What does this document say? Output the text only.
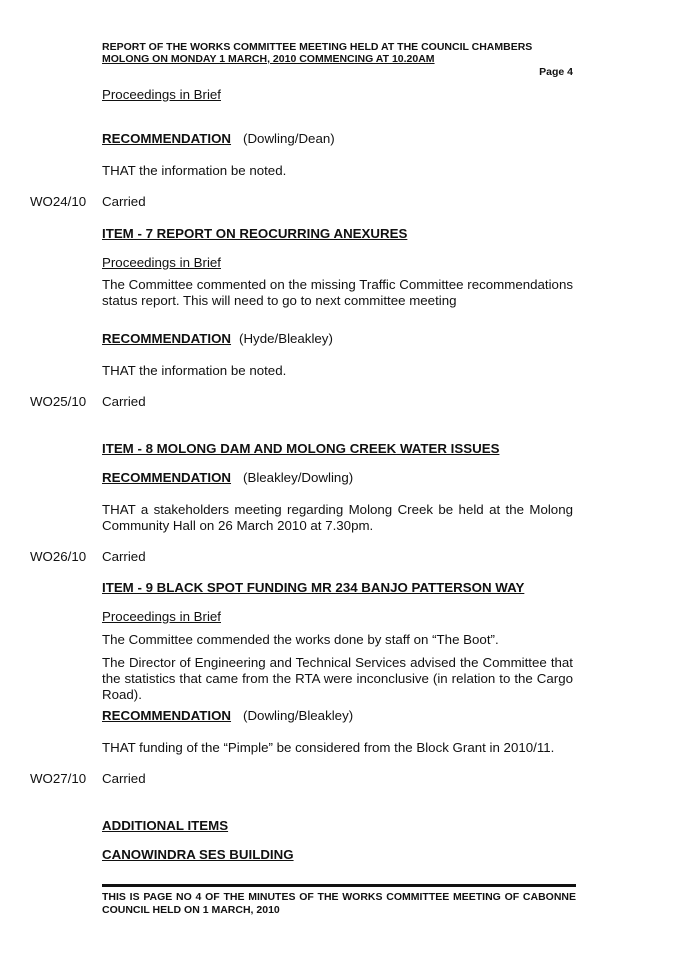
REPORT OF THE WORKS COMMITTEE MEETING HELD AT THE COUNCIL CHAMBERS
MOLONG ON MONDAY 1 MARCH, 2010 COMMENCING AT 10.20AM
Page 4
Proceedings in Brief
RECOMMENDATION (Dowling/Dean)
THAT the information be noted.
WO24/10 Carried
ITEM - 7 REPORT ON REOCURRING ANEXURES
Proceedings in Brief
The Committee commented on the missing Traffic Committee recommendations status report. This will need to go to next committee meeting
RECOMMENDATION (Hyde/Bleakley)
THAT the information be noted.
WO25/10 Carried
ITEM - 8 MOLONG DAM AND MOLONG CREEK WATER ISSUES
RECOMMENDATION (Bleakley/Dowling)
THAT a stakeholders meeting regarding Molong Creek be held at the Molong Community Hall on 26 March 2010 at 7.30pm.
WO26/10 Carried
ITEM - 9 BLACK SPOT FUNDING MR 234 BANJO PATTERSON WAY
Proceedings in Brief
The Committee commended the works done by staff on “The Boot”.
The Director of Engineering and Technical Services advised the Committee that the statistics that came from the RTA were inconclusive (in relation to the Cargo Road).
RECOMMENDATION (Dowling/Bleakley)
THAT funding of the “Pimple” be considered from the Block Grant in 2010/11.
WO27/10 Carried
ADDITIONAL ITEMS
CANOWINDRA SES BUILDING
THIS IS PAGE NO 4 OF THE MINUTES OF THE WORKS COMMITTEE MEETING OF CABONNE COUNCIL HELD ON 1 MARCH, 2010
